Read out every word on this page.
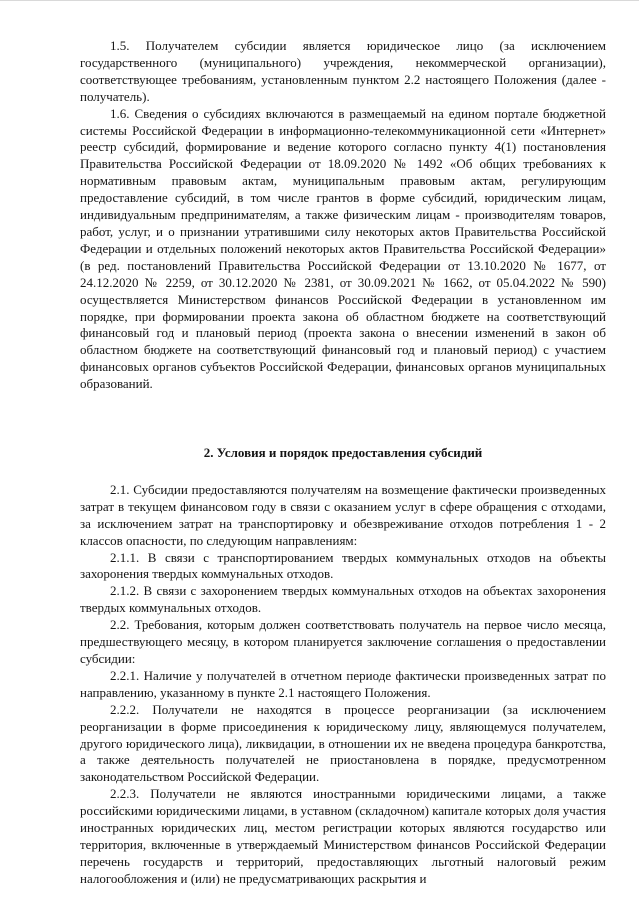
1.5. Получателем субсидии является юридическое лицо (за исключением государственного (муниципального) учреждения, некоммерческой организации), соответствующее требованиям, установленным пунктом 2.2 настоящего Положения (далее - получатель).

1.6. Сведения о субсидиях включаются в размещаемый на едином портале бюджетной системы Российской Федерации в информационно-телекоммуникационной сети «Интернет» реестр субсидий, формирование и ведение которого согласно пункту 4(1) постановления Правительства Российской Федерации от 18.09.2020 № 1492 «Об общих требованиях к нормативным правовым актам, муниципальным правовым актам, регулирующим предоставление субсидий, в том числе грантов в форме субсидий, юридическим лицам, индивидуальным предпринимателям, а также физическим лицам - производителям товаров, работ, услуг, и о признании утратившими силу некоторых актов Правительства Российской Федерации и отдельных положений некоторых актов Правительства Российской Федерации» (в ред. постановлений Правительства Российской Федерации от 13.10.2020 № 1677, от 24.12.2020 № 2259, от 30.12.2020 № 2381, от 30.09.2021 № 1662, от 05.04.2022 № 590) осуществляется Министерством финансов Российской Федерации в установленном им порядке, при формировании проекта закона об областном бюджете на соответствующий финансовый год и плановый период (проекта закона о внесении изменений в закон об областном бюджете на соответствующий финансовый год и плановый период) с участием финансовых органов субъектов Российской Федерации, финансовых органов муниципальных образований.

2. Условия и порядок предоставления субсидий

2.1. Субсидии предоставляются получателям на возмещение фактически произведенных затрат в текущем финансовом году в связи с оказанием услуг в сфере обращения с отходами, за исключением затрат на транспортировку и обезвреживание отходов потребления 1 - 2 классов опасности, по следующим направлениям:

2.1.1. В связи с транспортированием твердых коммунальных отходов на объекты захоронения твердых коммунальных отходов.

2.1.2. В связи с захоронением твердых коммунальных отходов на объектах захоронения твердых коммунальных отходов.

2.2. Требования, которым должен соответствовать получатель на первое число месяца, предшествующего месяцу, в котором планируется заключение соглашения о предоставлении субсидии:

2.2.1. Наличие у получателей в отчетном периоде фактически произведенных затрат по направлению, указанному в пункте 2.1 настоящего Положения.

2.2.2. Получатели не находятся в процессе реорганизации (за исключением реорганизации в форме присоединения к юридическому лицу, являющемуся получателем, другого юридического лица), ликвидации, в отношении их не введена процедура банкротства, а также деятельность получателей не приостановлена в порядке, предусмотренном законодательством Российской Федерации.

2.2.3. Получатели не являются иностранными юридическими лицами, а также российскими юридическими лицами, в уставном (складочном) капитале которых доля участия иностранных юридических лиц, местом регистрации которых являются государство или территория, включенные в утверждаемый Министерством финансов Российской Федерации перечень государств и территорий, предоставляющих льготный налоговый режим налогообложения и (или) не предусматривающих раскрытия и
